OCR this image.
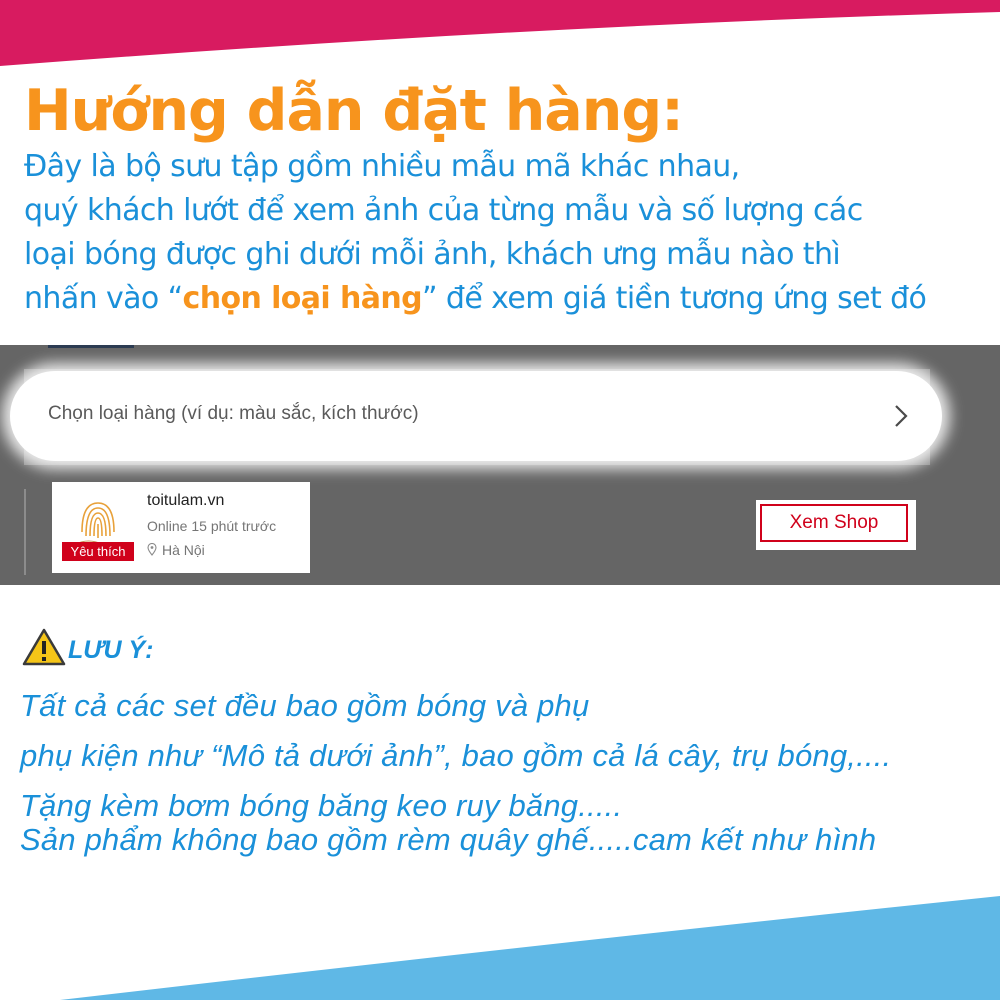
Hướng dẫn đặt hàng:
Đây là bộ sưu tập gồm nhiều mẫu mã khác nhau,
quý khách lướt để xem ảnh của từng mẫu và số lượng các
loại bóng được ghi dưới mỗi ảnh, khách ưng mẫu nào thì
nhấn vào “chọn loại hàng” để xem giá tiền tương ứng set đó
Chọn loại hàng (ví dụ: màu sắc, kích thước)
Yêu thích
toitulam.vn
Online 15 phút trước
Hà Nội
Xem Shop
LƯU Ý:
Tất cả các set đều bao gồm bóng và phụ
phụ kiện như “Mô tả dưới ảnh”, bao gồm cả lá cây, trụ bóng,....
Tặng kèm bơm bóng băng keo ruy băng.....
Sản phẩm không bao gồm rèm quây ghế.....cam kết như hình
